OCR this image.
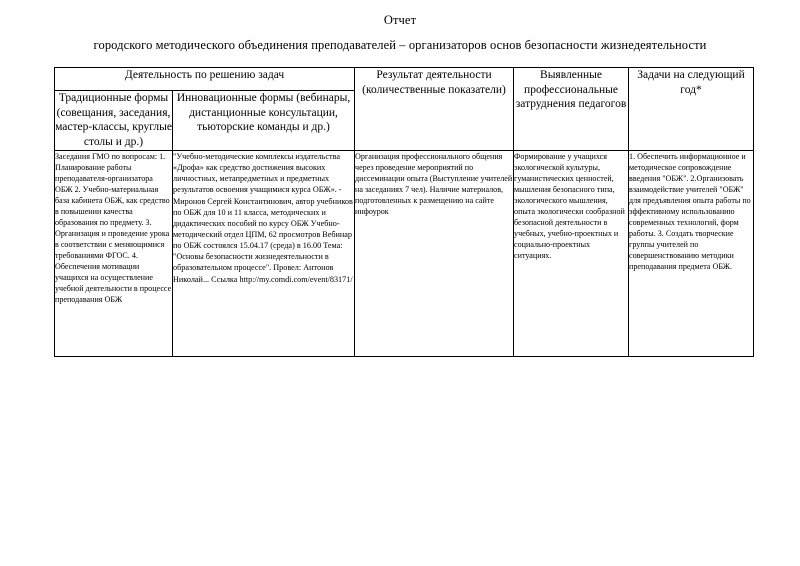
Отчет
городского методического объединения преподавателей – организаторов основ безопасности жизнедеятельности
Деятельность по решению задач		Результат деятельности (количественные показатели)	Выявленные профессиональные затруднения педагогов	Задачи на следующий год*
Традиционные формы (совещания, заседания, мастер-классы, круглые столы и др.)	Инновационные формы (вебинары, дистанционные консультации, тьюторские команды и др.)			
Заседания ГМО по вопросам: 1. Планирование работы преподавателя-организатора ОБЖ 2. Учебно-материальная база кабинета ОБЖ, как средство в повышении качества образования по предмету. 3. Организация и проведение урока в соответствии с меняющимися требованиями ФГОС. 4. Обеспечения мотивации учащихся на осуществление учебной деятельности в процессе преподавания ОБЖ	"Учебно-методические комплексы издательства «Дрофа» как средство достижения высоких личностных, метапредметных и предметных результатов освоения учащимися курса ОБЖ». - Миронов Сергей Константинович, автор учебников по ОБЖ для 10 и 11 класса, методических и дидактических пособий по курсу ОБЖ Учебно-методический отдел ЦПМ, 62 просмотров Вебинар по ОБЖ состоялся 15.04.17 (среда) в 16.00 Тема: "Основы безопасности жизнедеятельности в образовательном процессе". Провел: Антонов Николай... Ссылка http://my.comdi.com/event/83171/	Организация профессионального общения через проведение мероприятий по диссеминации опыта (Выступление учителей на заседаниях 7 чел). Наличие материалов, подготовленных к размещению на сайте инфоурок	Формирование у учащихся экологической культуры, гуманистических ценностей, мышления безопасного типа, экологического мышления, опыта экологически сообразной безопасной деятельности в учебных, учебно-проектных и социально-проектных ситуациях.	1. Обеспечить информационное и методическое сопровождение введения "ОБЖ". 2.Организовать взаимодействие учителей "ОБЖ" для предъявления опыта работы по эффективному использованию современных технологий, форм работы. 3. Создать творческие группы учителей по совершенствованию методики преподавания предмета ОБЖ.
